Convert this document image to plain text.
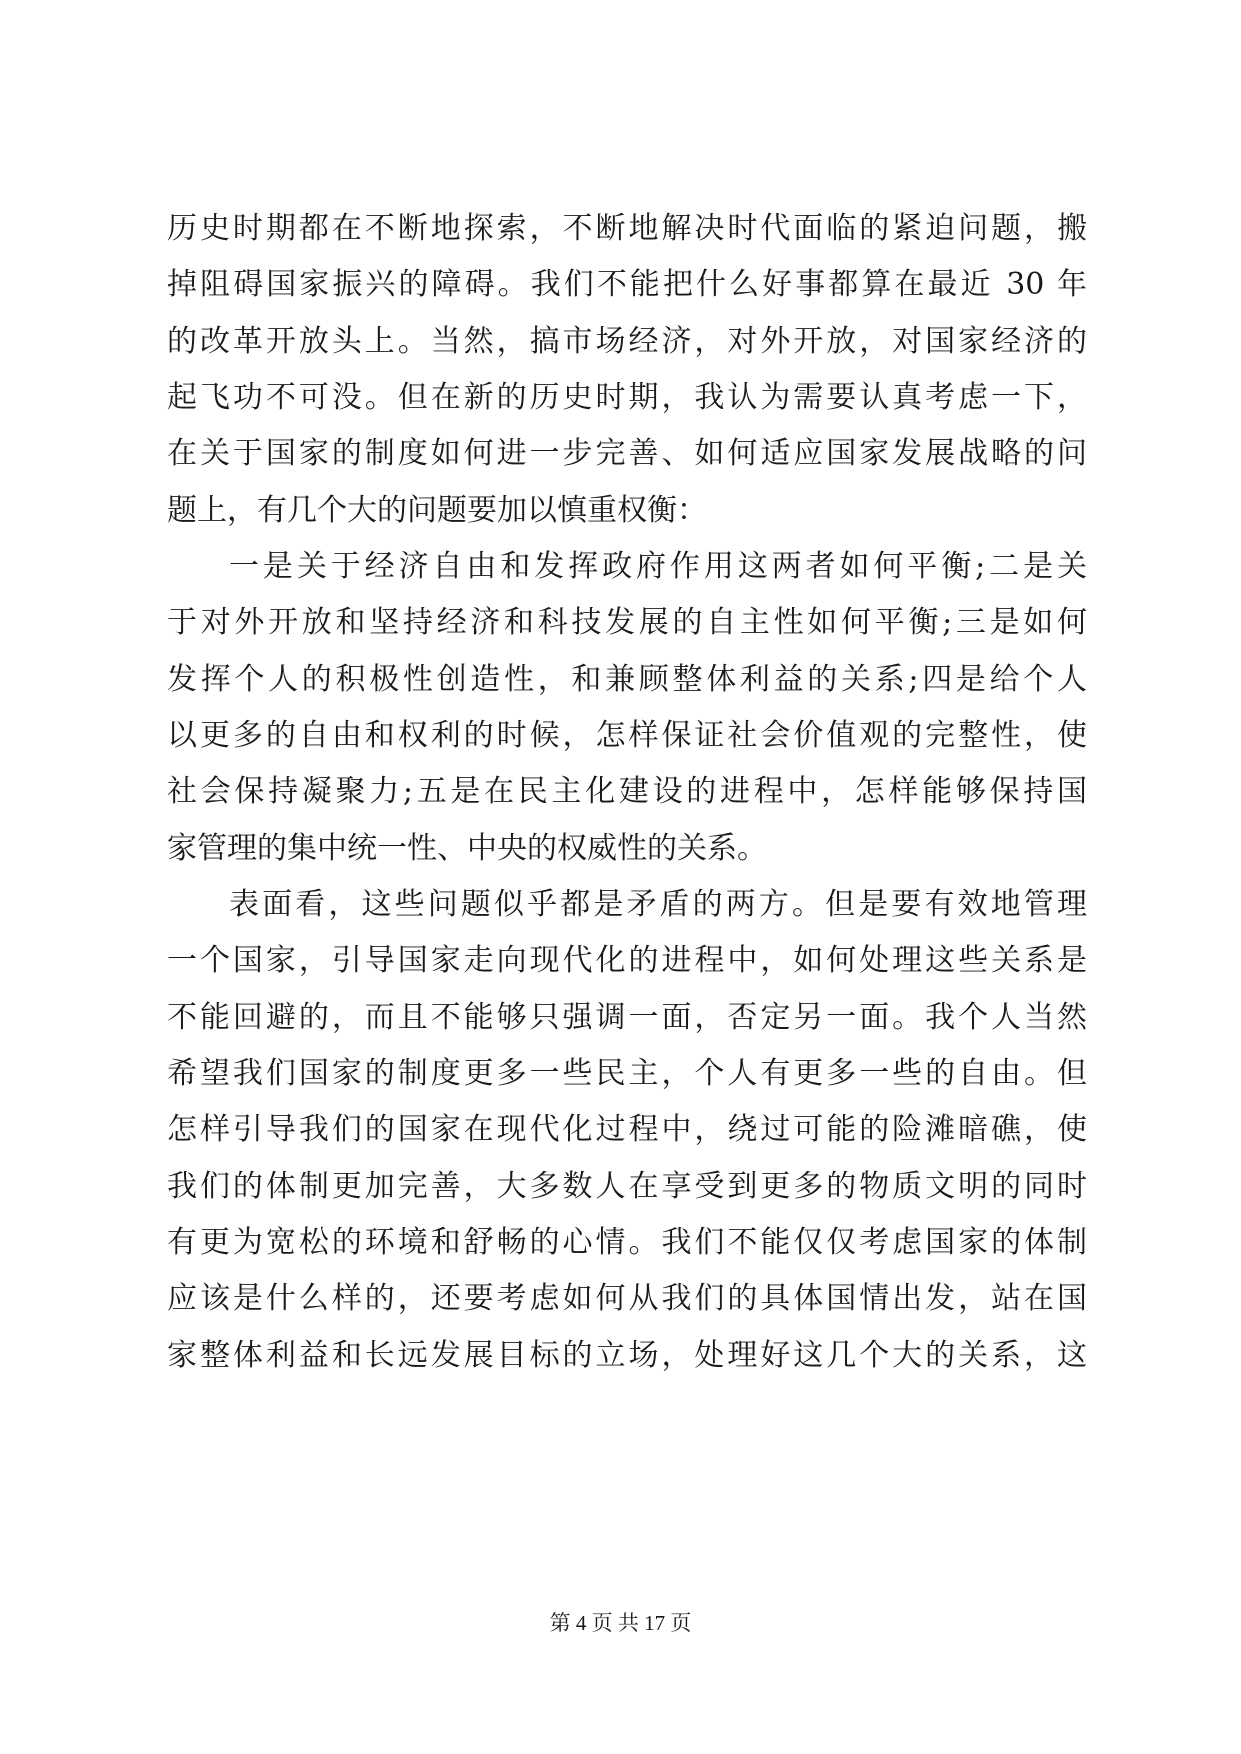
历史时期都在不断地探索，不断地解决时代面临的紧迫问题，搬
掉阻碍国家振兴的障碍。我们不能把什么好事都算在最近 30 年
的改革开放头上。当然，搞市场经济，对外开放，对国家经济的
起飞功不可没。但在新的历史时期，我认为需要认真考虑一下，
在关于国家的制度如何进一步完善、如何适应国家发展战略的问
题上，有几个大的问题要加以慎重权衡：
一是关于经济自由和发挥政府作用这两者如何平衡;二是关
于对外开放和坚持经济和科技发展的自主性如何平衡;三是如何
发挥个人的积极性创造性，和兼顾整体利益的关系;四是给个人
以更多的自由和权利的时候，怎样保证社会价值观的完整性，使
社会保持凝聚力;五是在民主化建设的进程中，怎样能够保持国
家管理的集中统一性、中央的权威性的关系。
表面看，这些问题似乎都是矛盾的两方。但是要有效地管理
一个国家，引导国家走向现代化的进程中，如何处理这些关系是
不能回避的，而且不能够只强调一面，否定另一面。我个人当然
希望我们国家的制度更多一些民主，个人有更多一些的自由。但
怎样引导我们的国家在现代化过程中，绕过可能的险滩暗礁，使
我们的体制更加完善，大多数人在享受到更多的物质文明的同时
有更为宽松的环境和舒畅的心情。我们不能仅仅考虑国家的体制
应该是什么样的，还要考虑如何从我们的具体国情出发，站在国
家整体利益和长远发展目标的立场，处理好这几个大的关系，这
第 4 页 共 17 页
